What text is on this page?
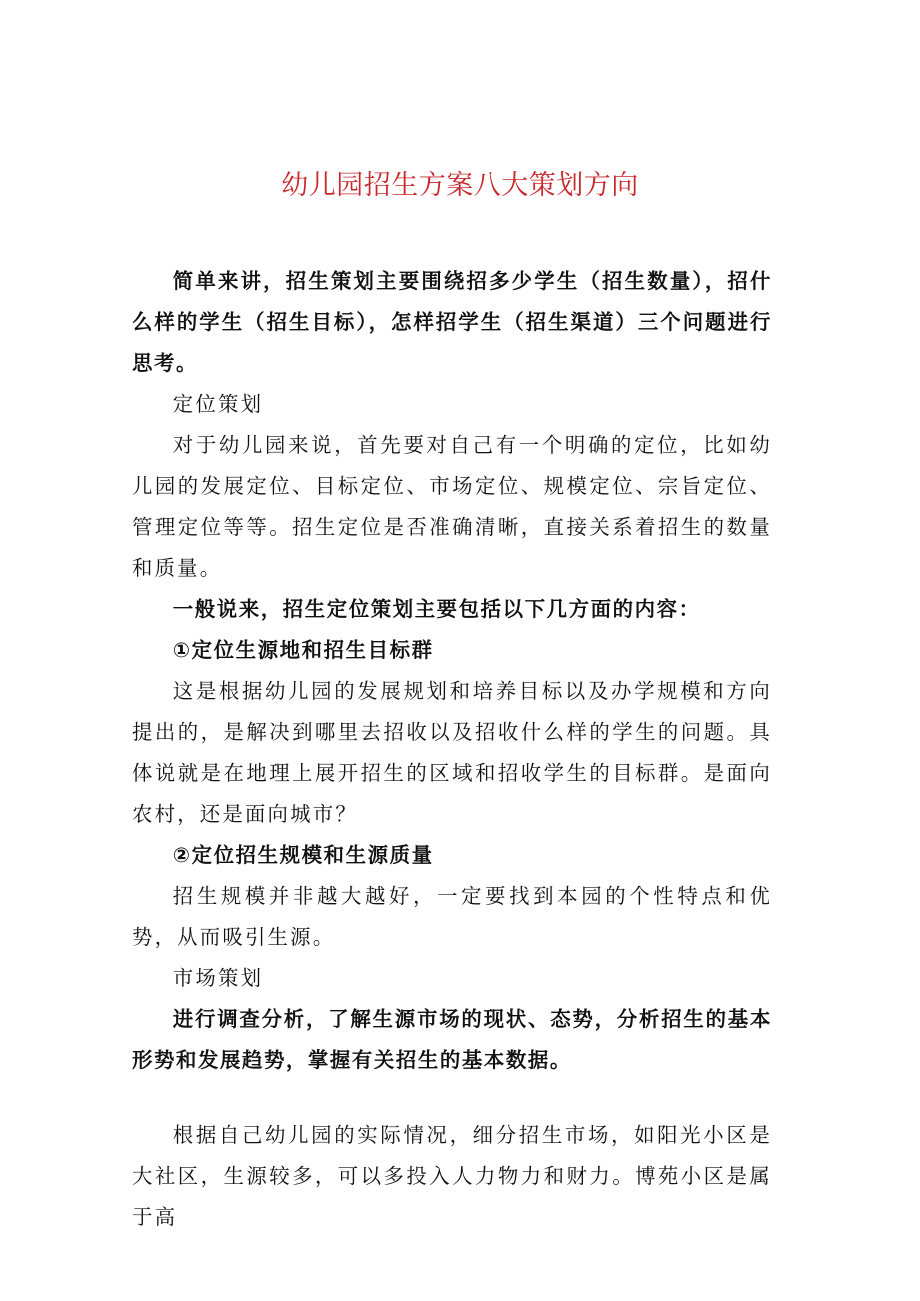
幼儿园招生方案八大策划方向

简单来讲，招生策划主要围绕招多少学生（招生数量），招什么样的学生（招生目标），怎样招学生（招生渠道）三个问题进行思考。

定位策划

对于幼儿园来说，首先要对自己有一个明确的定位，比如幼儿园的发展定位、目标定位、市场定位、规模定位、宗旨定位、管理定位等等。招生定位是否准确清晰，直接关系着招生的数量和质量。

一般说来，招生定位策划主要包括以下几方面的内容：

①定位生源地和招生目标群

这是根据幼儿园的发展规划和培养目标以及办学规模和方向提出的，是解决到哪里去招收以及招收什么样的学生的问题。具体说就是在地理上展开招生的区域和招收学生的目标群。是面向农村，还是面向城市？

②定位招生规模和生源质量

招生规模并非越大越好，一定要找到本园的个性特点和优势，从而吸引生源。

市场策划

进行调查分析，了解生源市场的现状、态势，分析招生的基本形势和发展趋势，掌握有关招生的基本数据。

根据自己幼儿园的实际情况，细分招生市场，如阳光小区是大社区，生源较多，可以多投入人力物力和财力。博苑小区是属于高
